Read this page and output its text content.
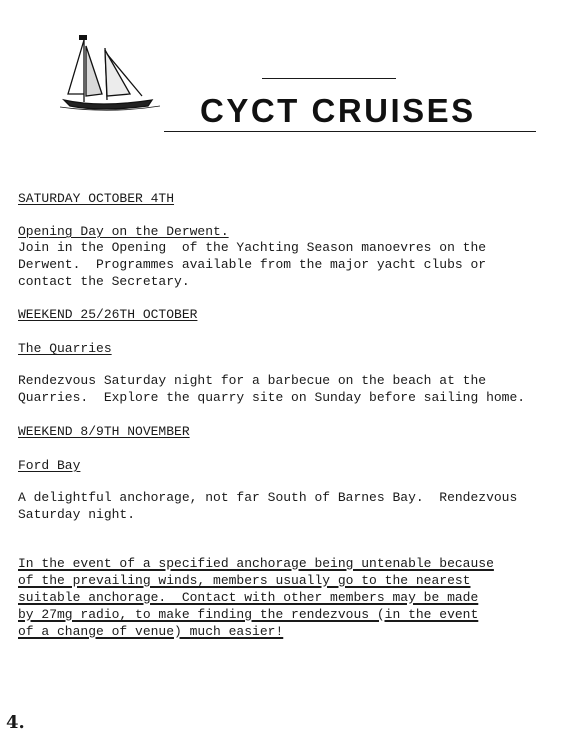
CYCT CRUISES
SATURDAY OCTOBER 4TH
Opening Day on the Derwent.
Join in the Opening  of the Yachting Season manoevres on the
Derwent.  Programmes available from the major yacht clubs or
contact the Secretary.
WEEKEND 25/26TH OCTOBER
The Quarries
Rendezvous Saturday night for a barbecue on the beach at the
Quarries.  Explore the quarry site on Sunday before sailing home.
WEEKEND 8/9TH NOVEMBER
Ford Bay
A delightful anchorage, not far South of Barnes Bay.  Rendezvous
Saturday night.
In the event of a specified anchorage being untenable because
of the prevailing winds, members usually go to the nearest
suitable anchorage.  Contact with other members may be made
by 27mg radio, to make finding the rendezvous (in the event
of a change of venue) much easier!
4.
